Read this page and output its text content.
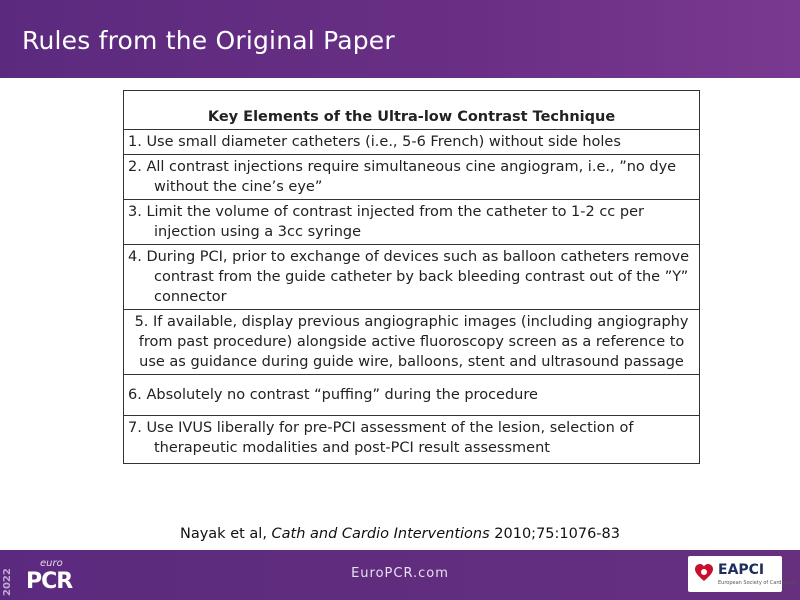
Rules from the Original Paper
Key Elements of the Ultra-low Contrast Technique
1. Use small diameter catheters (i.e., 5-6 French) without side holes
2. All contrast injections require simultaneous cine angiogram, i.e., ”no dye without the cine’s eye”
3. Limit the volume of contrast injected from the catheter to 1-2 cc per injection using a 3cc syringe
4. During PCI, prior to exchange of devices such as balloon catheters remove contrast from the guide catheter by back bleeding contrast out of the ”Y” connector
5. If available, display previous angiographic images (including angiography from past procedure) alongside active fluoroscopy screen as a reference to use as guidance during guide wire, balloons, stent and ultrasound passage
6. Absolutely no contrast “puffing” during the procedure
7. Use IVUS liberally for pre-PCI assessment of the lesion, selection of therapeutic modalities and post-PCI result assessment
Nayak et al, Cath and Cardio Interventions 2010;75:1076-83
2022
euro
PCR	EuroPCR.com	EAPCI
European Society of Cardiology
